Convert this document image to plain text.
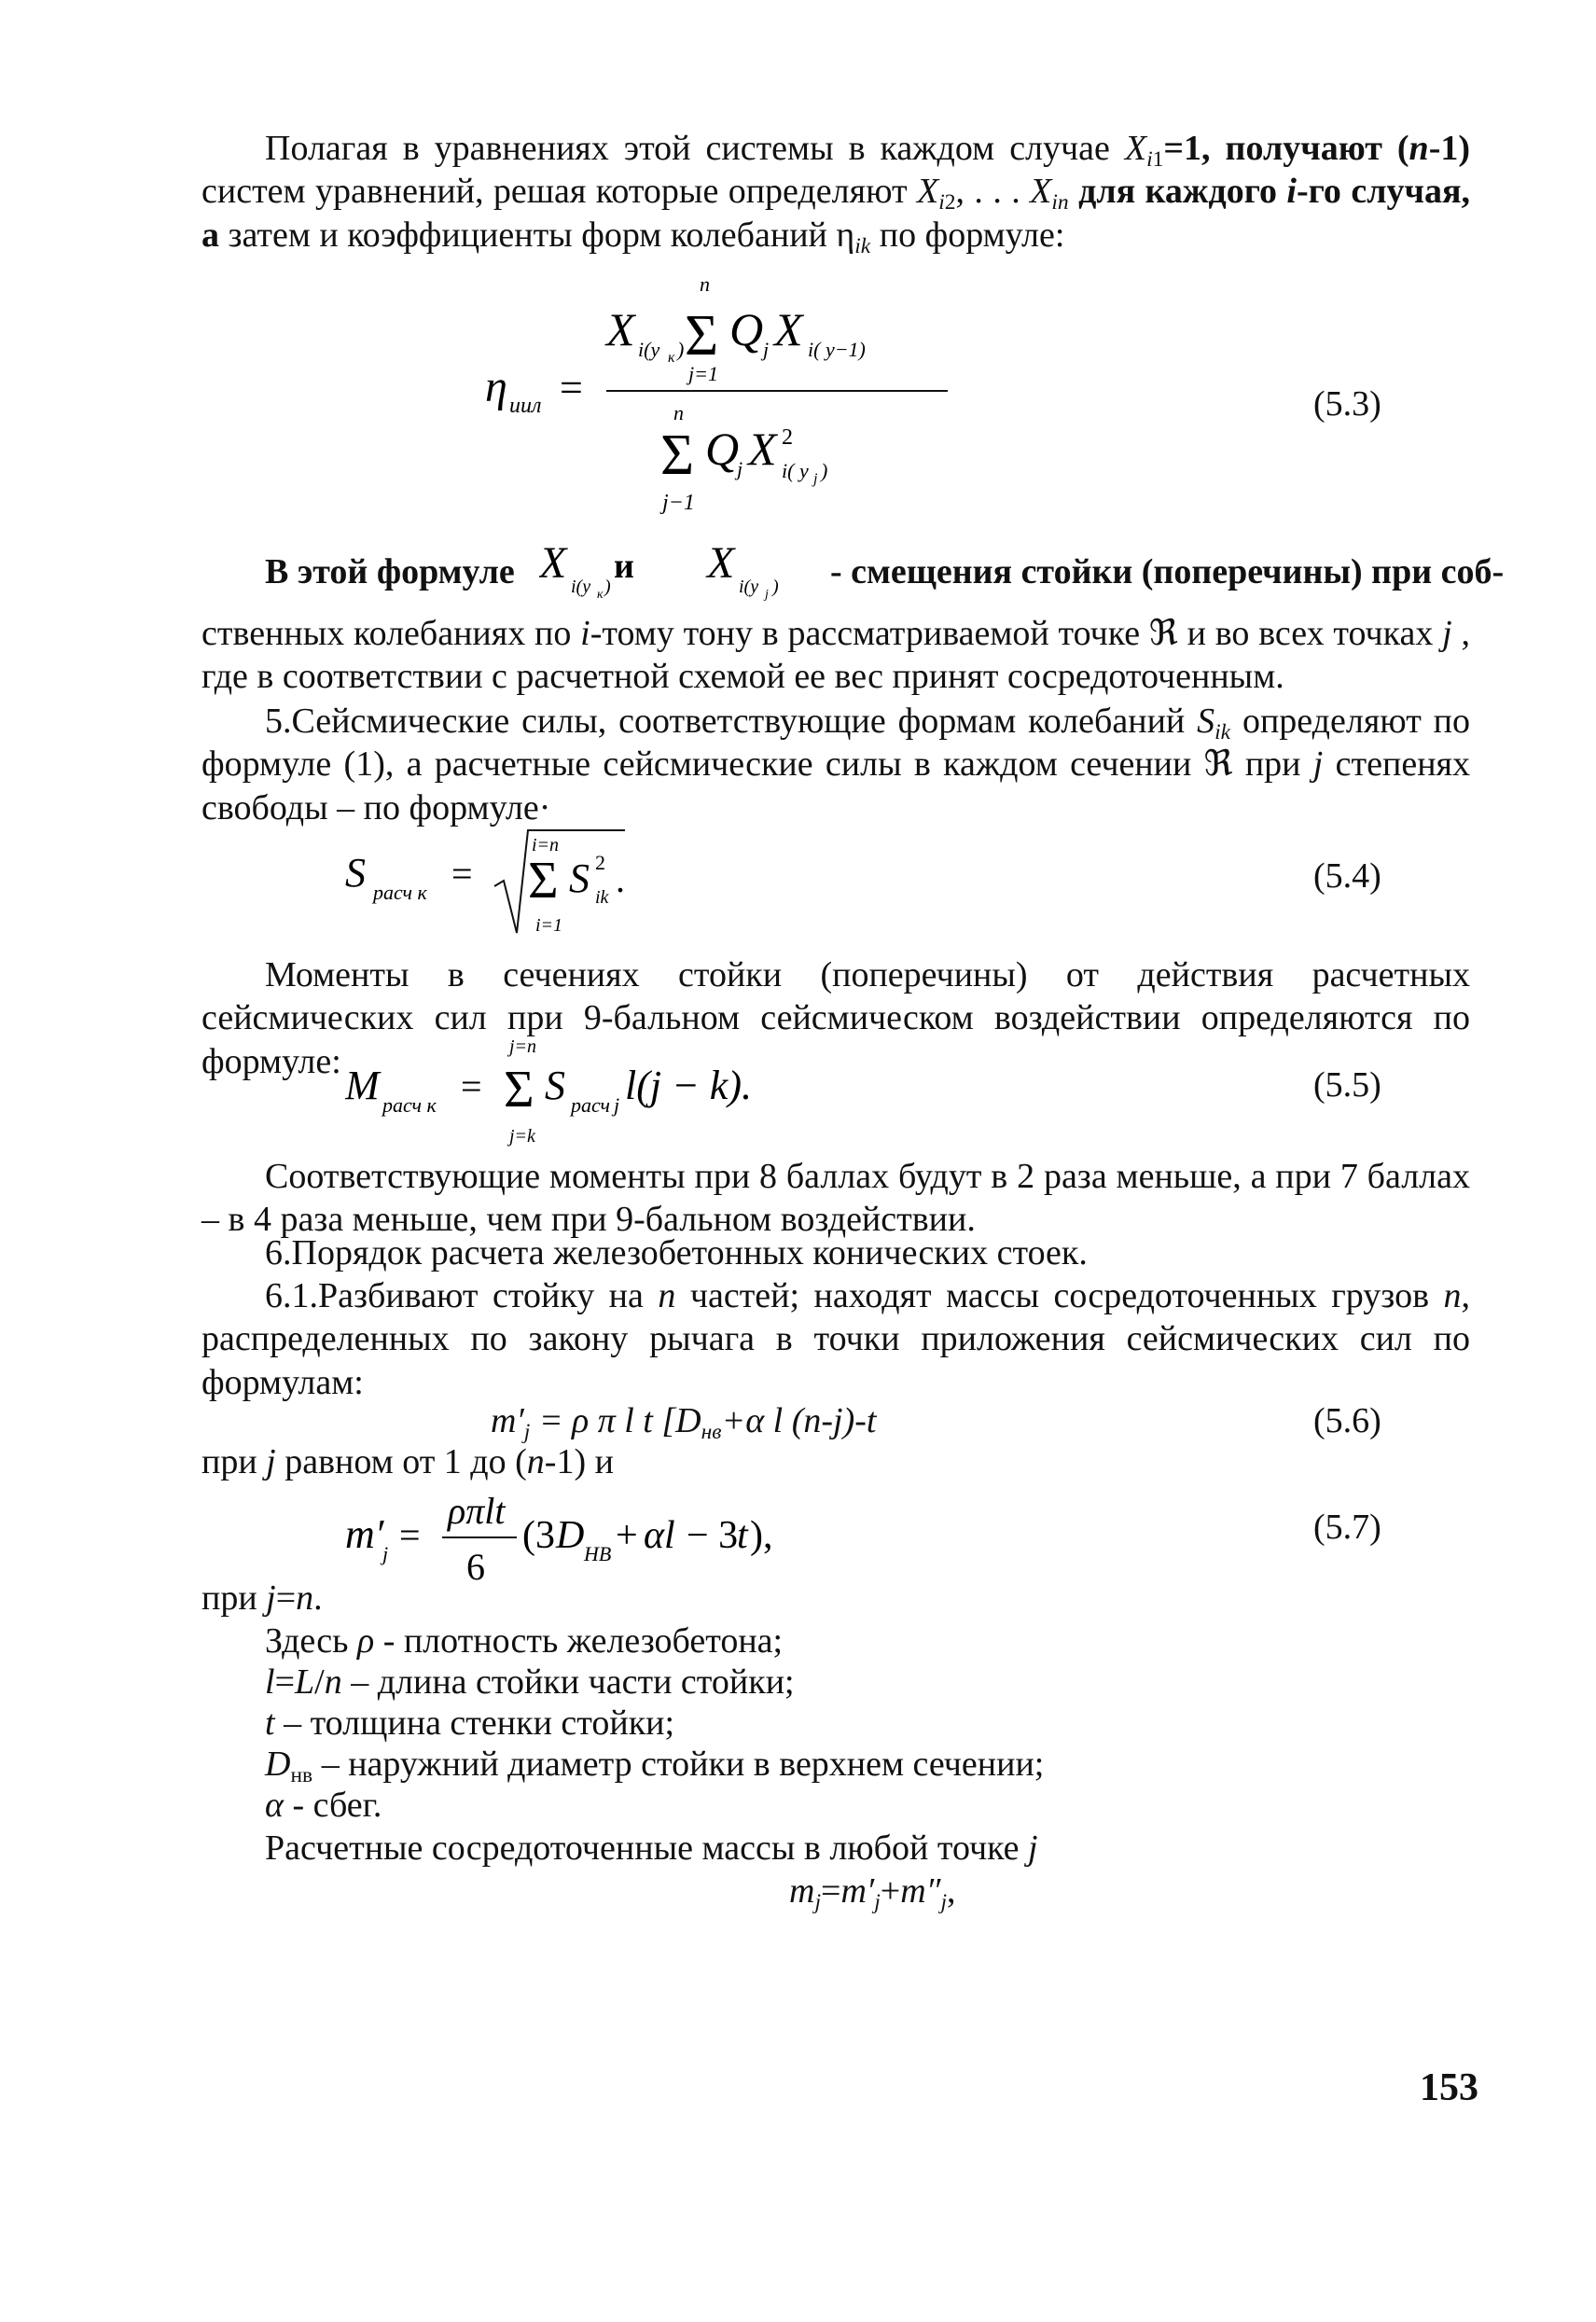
Полагая в уравнениях этой системы в каждом случае $X_{i1}=1$, получают (n-1) систем уравнений, решая которые определяют $X_{i2}$, . . . $X_{in}$ для каждого i-го случая, а затем и коэффициенты форм колебаний $\eta_{ik}$ по формуле:

η иил =
X i(y к ) Σ
n
j=1
Q j X i( y−1)
n
Σ Q
j X 2
i( y j )
j−1
(5.3)

В этой формуле X i(y к )
и X i(y j ) - смещения стойки (поперечины) при соб-

ственных колебаниях по i-тому тону в рассматриваемой точке ℜ и во всех точках j , где в соответствии с расчетной схемой ее вес принят сосредоточенным.

5.Сейсмические силы, соответствующие формам колебаний $S_{ik}$ определяют по формуле (1), а расчетные сейсмические силы в каждом сечении ℜ при j степенях свободы – по формуле·

S расч к =
i=n
Σ
i=1
S 2
ik .	(5.4)

Моменты в сечениях стойки (поперечины) от действия расчетных сейсмических сил при 9-бальном сейсмическом воздействии определяются по формуле:

M расч к =
j=n
Σ
j=k
S расч j l(j − k).	(5.5)

Соответствующие моменты при 8 баллах будут в 2 раза меньше, а при 7 баллах – в 4 раза меньше, чем при 9-бальном воздействии.

6.Порядок расчета железобетонных конических стоек.

6.1.Разбивают стойку на n частей; находят массы сосредоточенных грузов n, распределенных по закону рычага в точки приложения сейсмических сил по формулам:

$m'_j = \rho$ π l t [$D_{нв}+\alpha$ l (n-j)-t	(5.6)

при j равном от 1 до (n-1) и

m′
j =
ρπlt
6
(3 D НВ + αl − 3
t ),	(5.7)

при j=n.

Здесь ρ - плотность железобетона;

l=L/n – длина стойки части стойки;

t – толщина стенки стойки;

$D_{нв}$ – наружний диаметр стойки в верхнем сечении;

α - сбег.

Расчетные сосредоточенные массы в любой точке j

$m_j=m'_j+m''_j$,

153
